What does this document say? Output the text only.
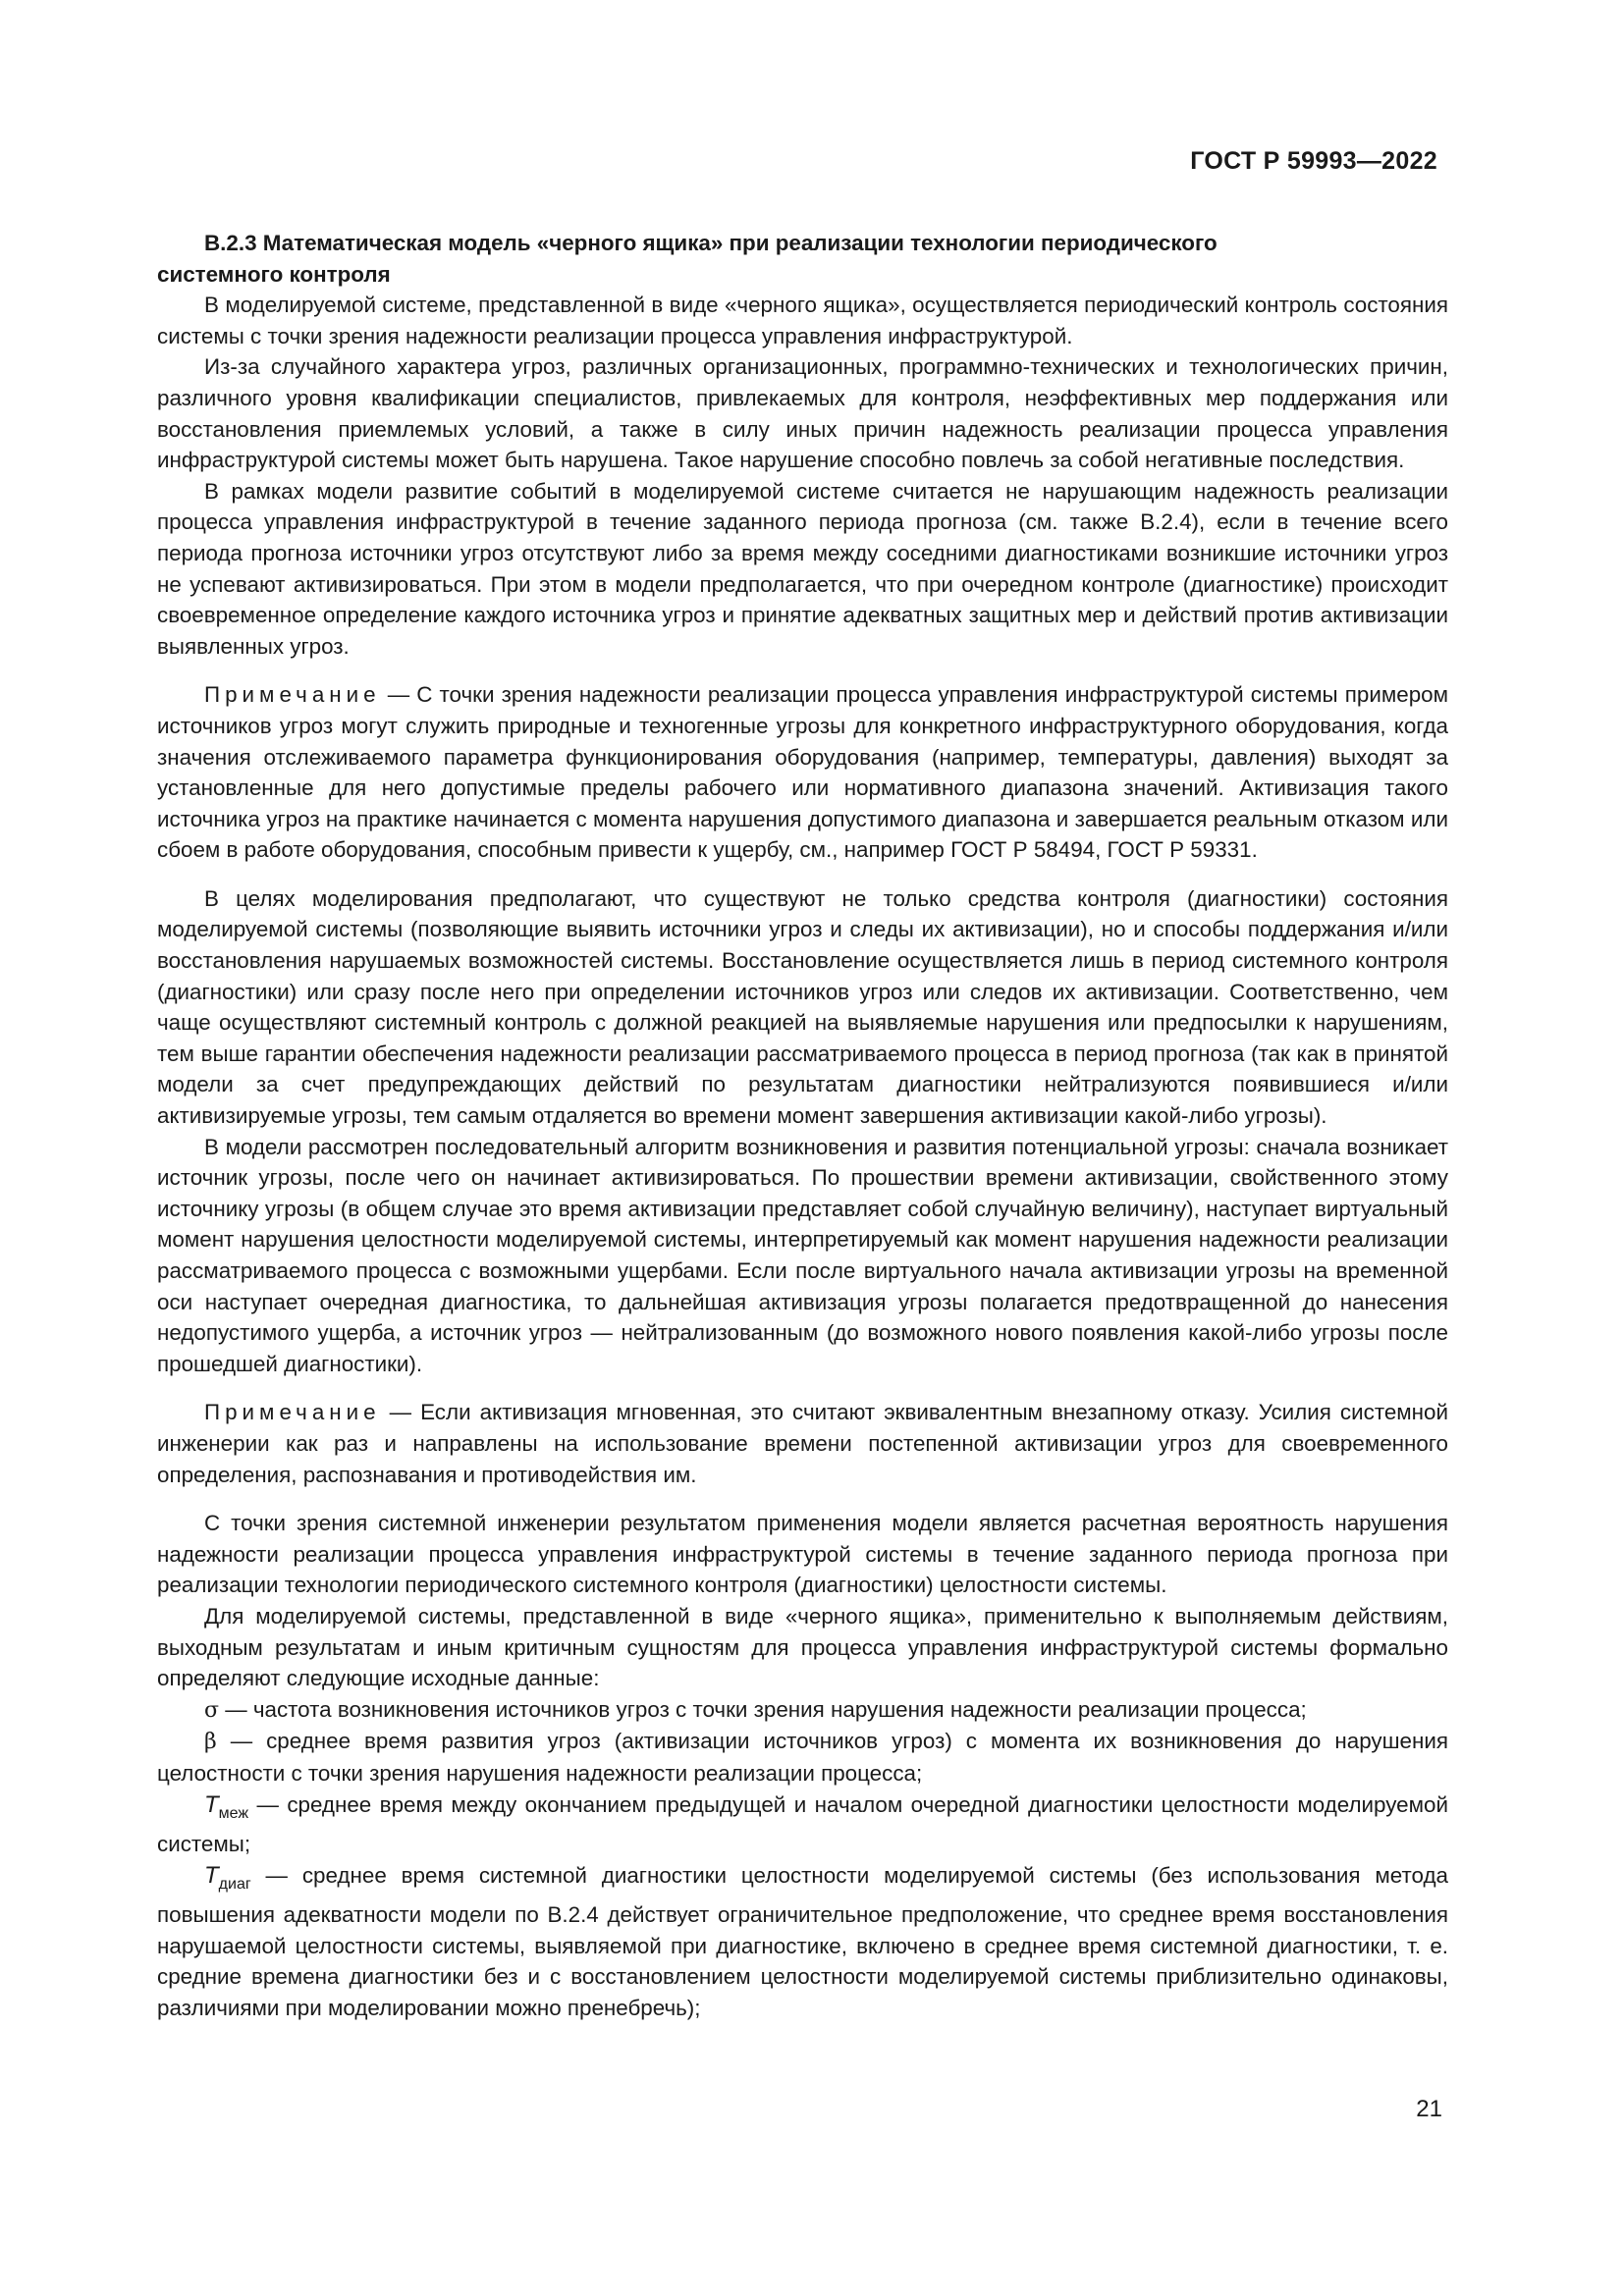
ГОСТ Р 59993—2022

В.2.3 Математическая модель «черного ящика» при реализации технологии периодического
системного контроля

В моделируемой системе, представленной в виде «черного ящика», осуществляется периодический контроль состояния системы с точки зрения надежности реализации процесса управления инфраструктурой.

Из-за случайного характера угроз, различных организационных, программно-технических и технологических причин, различного уровня квалификации специалистов, привлекаемых для контроля, неэффективных мер поддержания или восстановления приемлемых условий, а также в силу иных причин надежность реализации процесса управления инфраструктурой системы может быть нарушена. Такое нарушение способно повлечь за собой негативные последствия.

В рамках модели развитие событий в моделируемой системе считается не нарушающим надежность реализации процесса управления инфраструктурой в течение заданного периода прогноза (см. также В.2.4), если в течение всего периода прогноза источники угроз отсутствуют либо за время между соседними диагностиками возникшие источники угроз не успевают активизироваться. При этом в модели предполагается, что при очередном контроле (диагностике) происходит своевременное определение каждого источника угроз и принятие адекватных защитных мер и действий против активизации выявленных угроз.

Примечание — С точки зрения надежности реализации процесса управления инфраструктурой системы примером источников угроз могут служить природные и техногенные угрозы для конкретного инфраструктурного оборудования, когда значения отслеживаемого параметра функционирования оборудования (например, температуры, давления) выходят за установленные для него допустимые пределы рабочего или нормативного диапазона значений. Активизация такого источника угроз на практике начинается с момента нарушения допустимого диапазона и завершается реальным отказом или сбоем в работе оборудования, способным привести к ущербу, см., например ГОСТ Р 58494, ГОСТ Р 59331.

В целях моделирования предполагают, что существуют не только средства контроля (диагностики) состояния моделируемой системы (позволяющие выявить источники угроз и следы их активизации), но и способы поддержания и/или восстановления нарушаемых возможностей системы. Восстановление осуществляется лишь в период системного контроля (диагностики) или сразу после него при определении источников угроз или следов их активизации. Соответственно, чем чаще осуществляют системный контроль с должной реакцией на выявляемые нарушения или предпосылки к нарушениям, тем выше гарантии обеспечения надежности реализации рассматриваемого процесса в период прогноза (так как в принятой модели за счет предупреждающих действий по результатам диагностики нейтрализуются появившиеся и/или активизируемые угрозы, тем самым отдаляется во времени момент завершения активизации какой-либо угрозы).

В модели рассмотрен последовательный алгоритм возникновения и развития потенциальной угрозы: сначала возникает источник угрозы, после чего он начинает активизироваться. По прошествии времени активизации, свойственного этому источнику угрозы (в общем случае это время активизации представляет собой случайную величину), наступает виртуальный момент нарушения целостности моделируемой системы, интерпретируемый как момент нарушения надежности реализации рассматриваемого процесса с возможными ущербами. Если после виртуального начала активизации угрозы на временной оси наступает очередная диагностика, то дальнейшая активизация угрозы полагается предотвращенной до нанесения недопустимого ущерба, а источник угроз — нейтрализованным (до возможного нового появления какой-либо угрозы после прошедшей диагностики).

Примечание — Если активизация мгновенная, это считают эквивалентным внезапному отказу. Усилия системной инженерии как раз и направлены на использование времени постепенной активизации угроз для своевременного определения, распознавания и противодействия им.

С точки зрения системной инженерии результатом применения модели является расчетная вероятность нарушения надежности реализации процесса управления инфраструктурой системы в течение заданного периода прогноза при реализации технологии периодического системного контроля (диагностики) целостности системы.

Для моделируемой системы, представленной в виде «черного ящика», применительно к выполняемым действиям, выходным результатам и иным критичным сущностям для процесса управления инфраструктурой системы формально определяют следующие исходные данные:

σ — частота возникновения источников угроз с точки зрения нарушения надежности реализации процесса;

β — среднее время развития угроз (активизации источников угроз) с момента их возникновения до нарушения целостности с точки зрения нарушения надежности реализации процесса;

$T_{меж}$ — среднее время между окончанием предыдущей и началом очередной диагностики целостности моделируемой системы;

$T_{диаг}$ — среднее время системной диагностики целостности моделируемой системы (без использования метода повышения адекватности модели по В.2.4 действует ограничительное предположение, что среднее время восстановления нарушаемой целостности системы, выявляемой при диагностике, включено в среднее время системной диагностики, т. е. средние времена диагностики без и с восстановлением целостности моделируемой системы приблизительно одинаковы, различиями при моделировании можно пренебречь);

21
